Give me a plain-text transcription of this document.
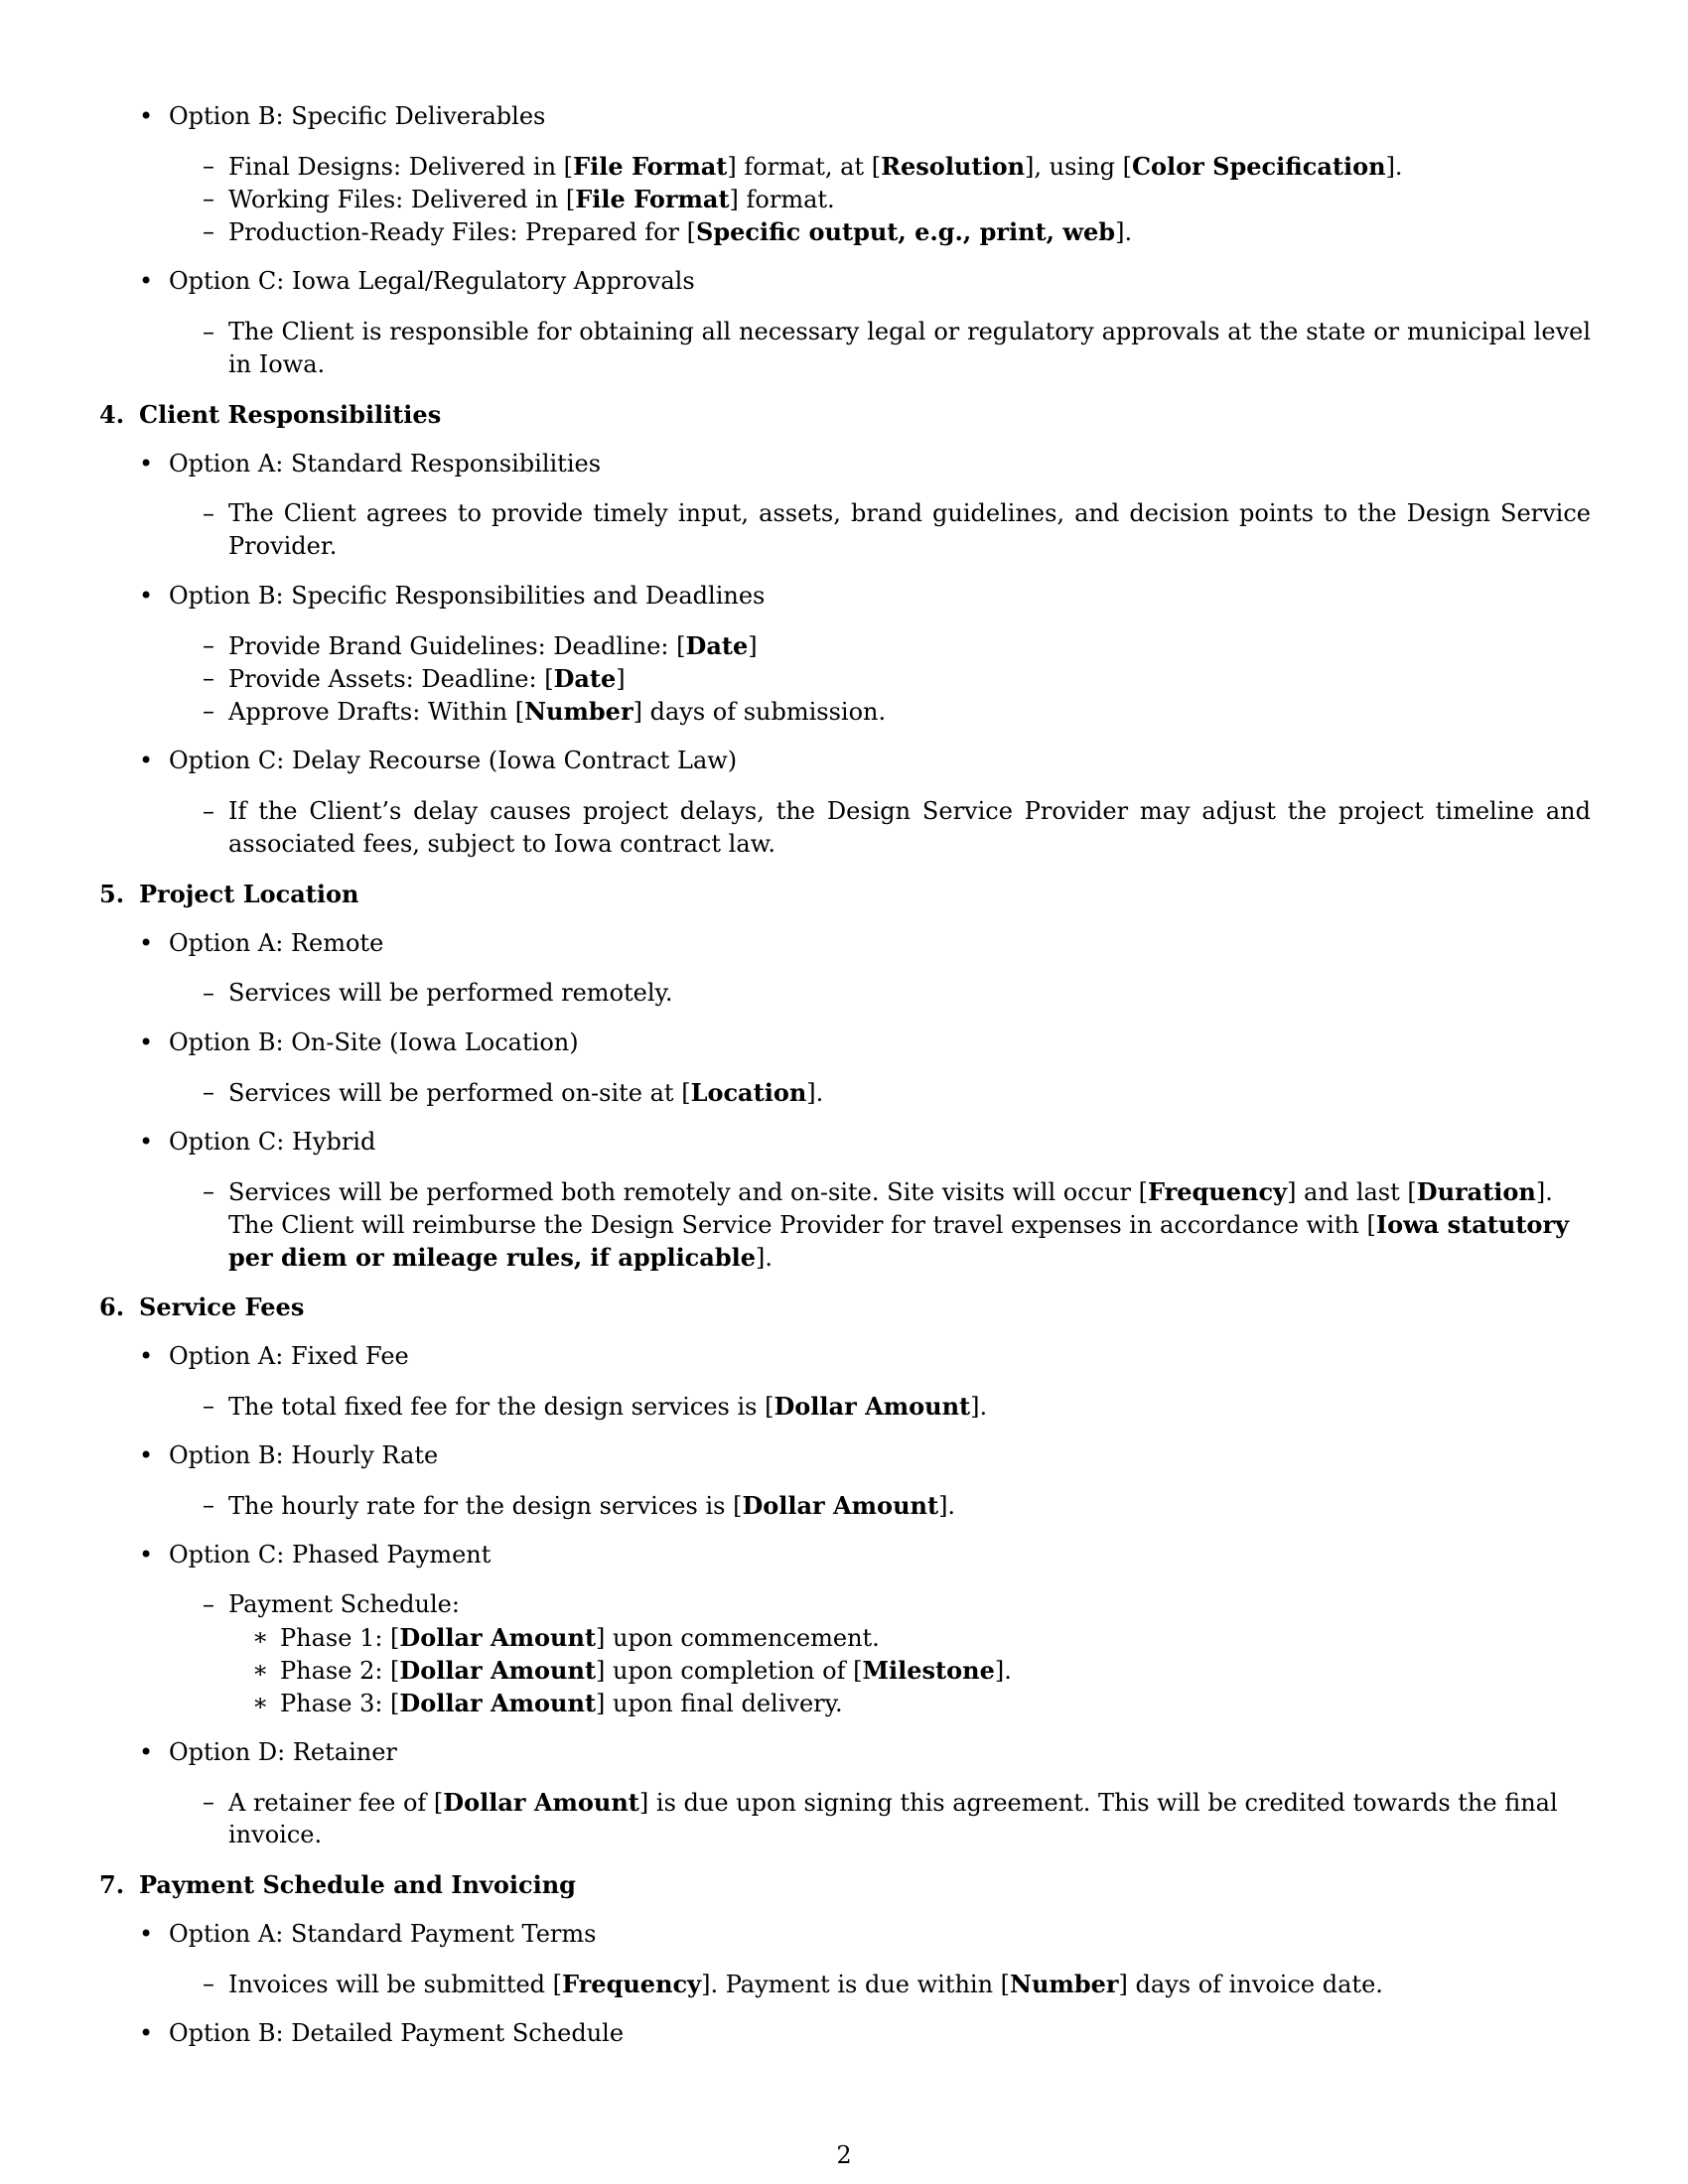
• Option B: Specific Deliverables
– Final Designs: Delivered in [File Format] format, at [Resolution], using [Color Specification].
– Working Files: Delivered in [File Format] format.
– Production-Ready Files: Prepared for [Specific output, e.g., print, web].
• Option C: Iowa Legal/Regulatory Approvals
– The Client is responsible for obtaining all necessary legal or regulatory approvals at the state or municipal level
in Iowa.
4. Client Responsibilities
• Option A: Standard Responsibilities
– The Client agrees to provide timely input, assets, brand guidelines, and decision points to the Design Service
Provider.
• Option B: Specific Responsibilities and Deadlines
– Provide Brand Guidelines: Deadline: [Date]
– Provide Assets: Deadline: [Date]
– Approve Drafts: Within [Number] days of submission.
• Option C: Delay Recourse (Iowa Contract Law)
– If the Client’s delay causes project delays, the Design Service Provider may adjust the project timeline and
associated fees, subject to Iowa contract law.
5. Project Location
• Option A: Remote
– Services will be performed remotely.
• Option B: On-Site (Iowa Location)
– Services will be performed on-site at [Location].
• Option C: Hybrid
– Services will be performed both remotely and on-site. Site visits will occur [Frequency] and last [Duration].
The Client will reimburse the Design Service Provider for travel expenses in accordance with [Iowa statutory
per diem or mileage rules, if applicable].
6. Service Fees
• Option A: Fixed Fee
– The total fixed fee for the design services is [Dollar Amount].
• Option B: Hourly Rate
– The hourly rate for the design services is [Dollar Amount].
• Option C: Phased Payment
– Payment Schedule:
∗ Phase 1: [Dollar Amount] upon commencement.
∗ Phase 2: [Dollar Amount] upon completion of [Milestone].
∗ Phase 3: [Dollar Amount] upon final delivery.
• Option D: Retainer
– A retainer fee of [Dollar Amount] is due upon signing this agreement. This will be credited towards the final
invoice.
7. Payment Schedule and Invoicing
• Option A: Standard Payment Terms
– Invoices will be submitted [Frequency]. Payment is due within [Number] days of invoice date.
• Option B: Detailed Payment Schedule
2
